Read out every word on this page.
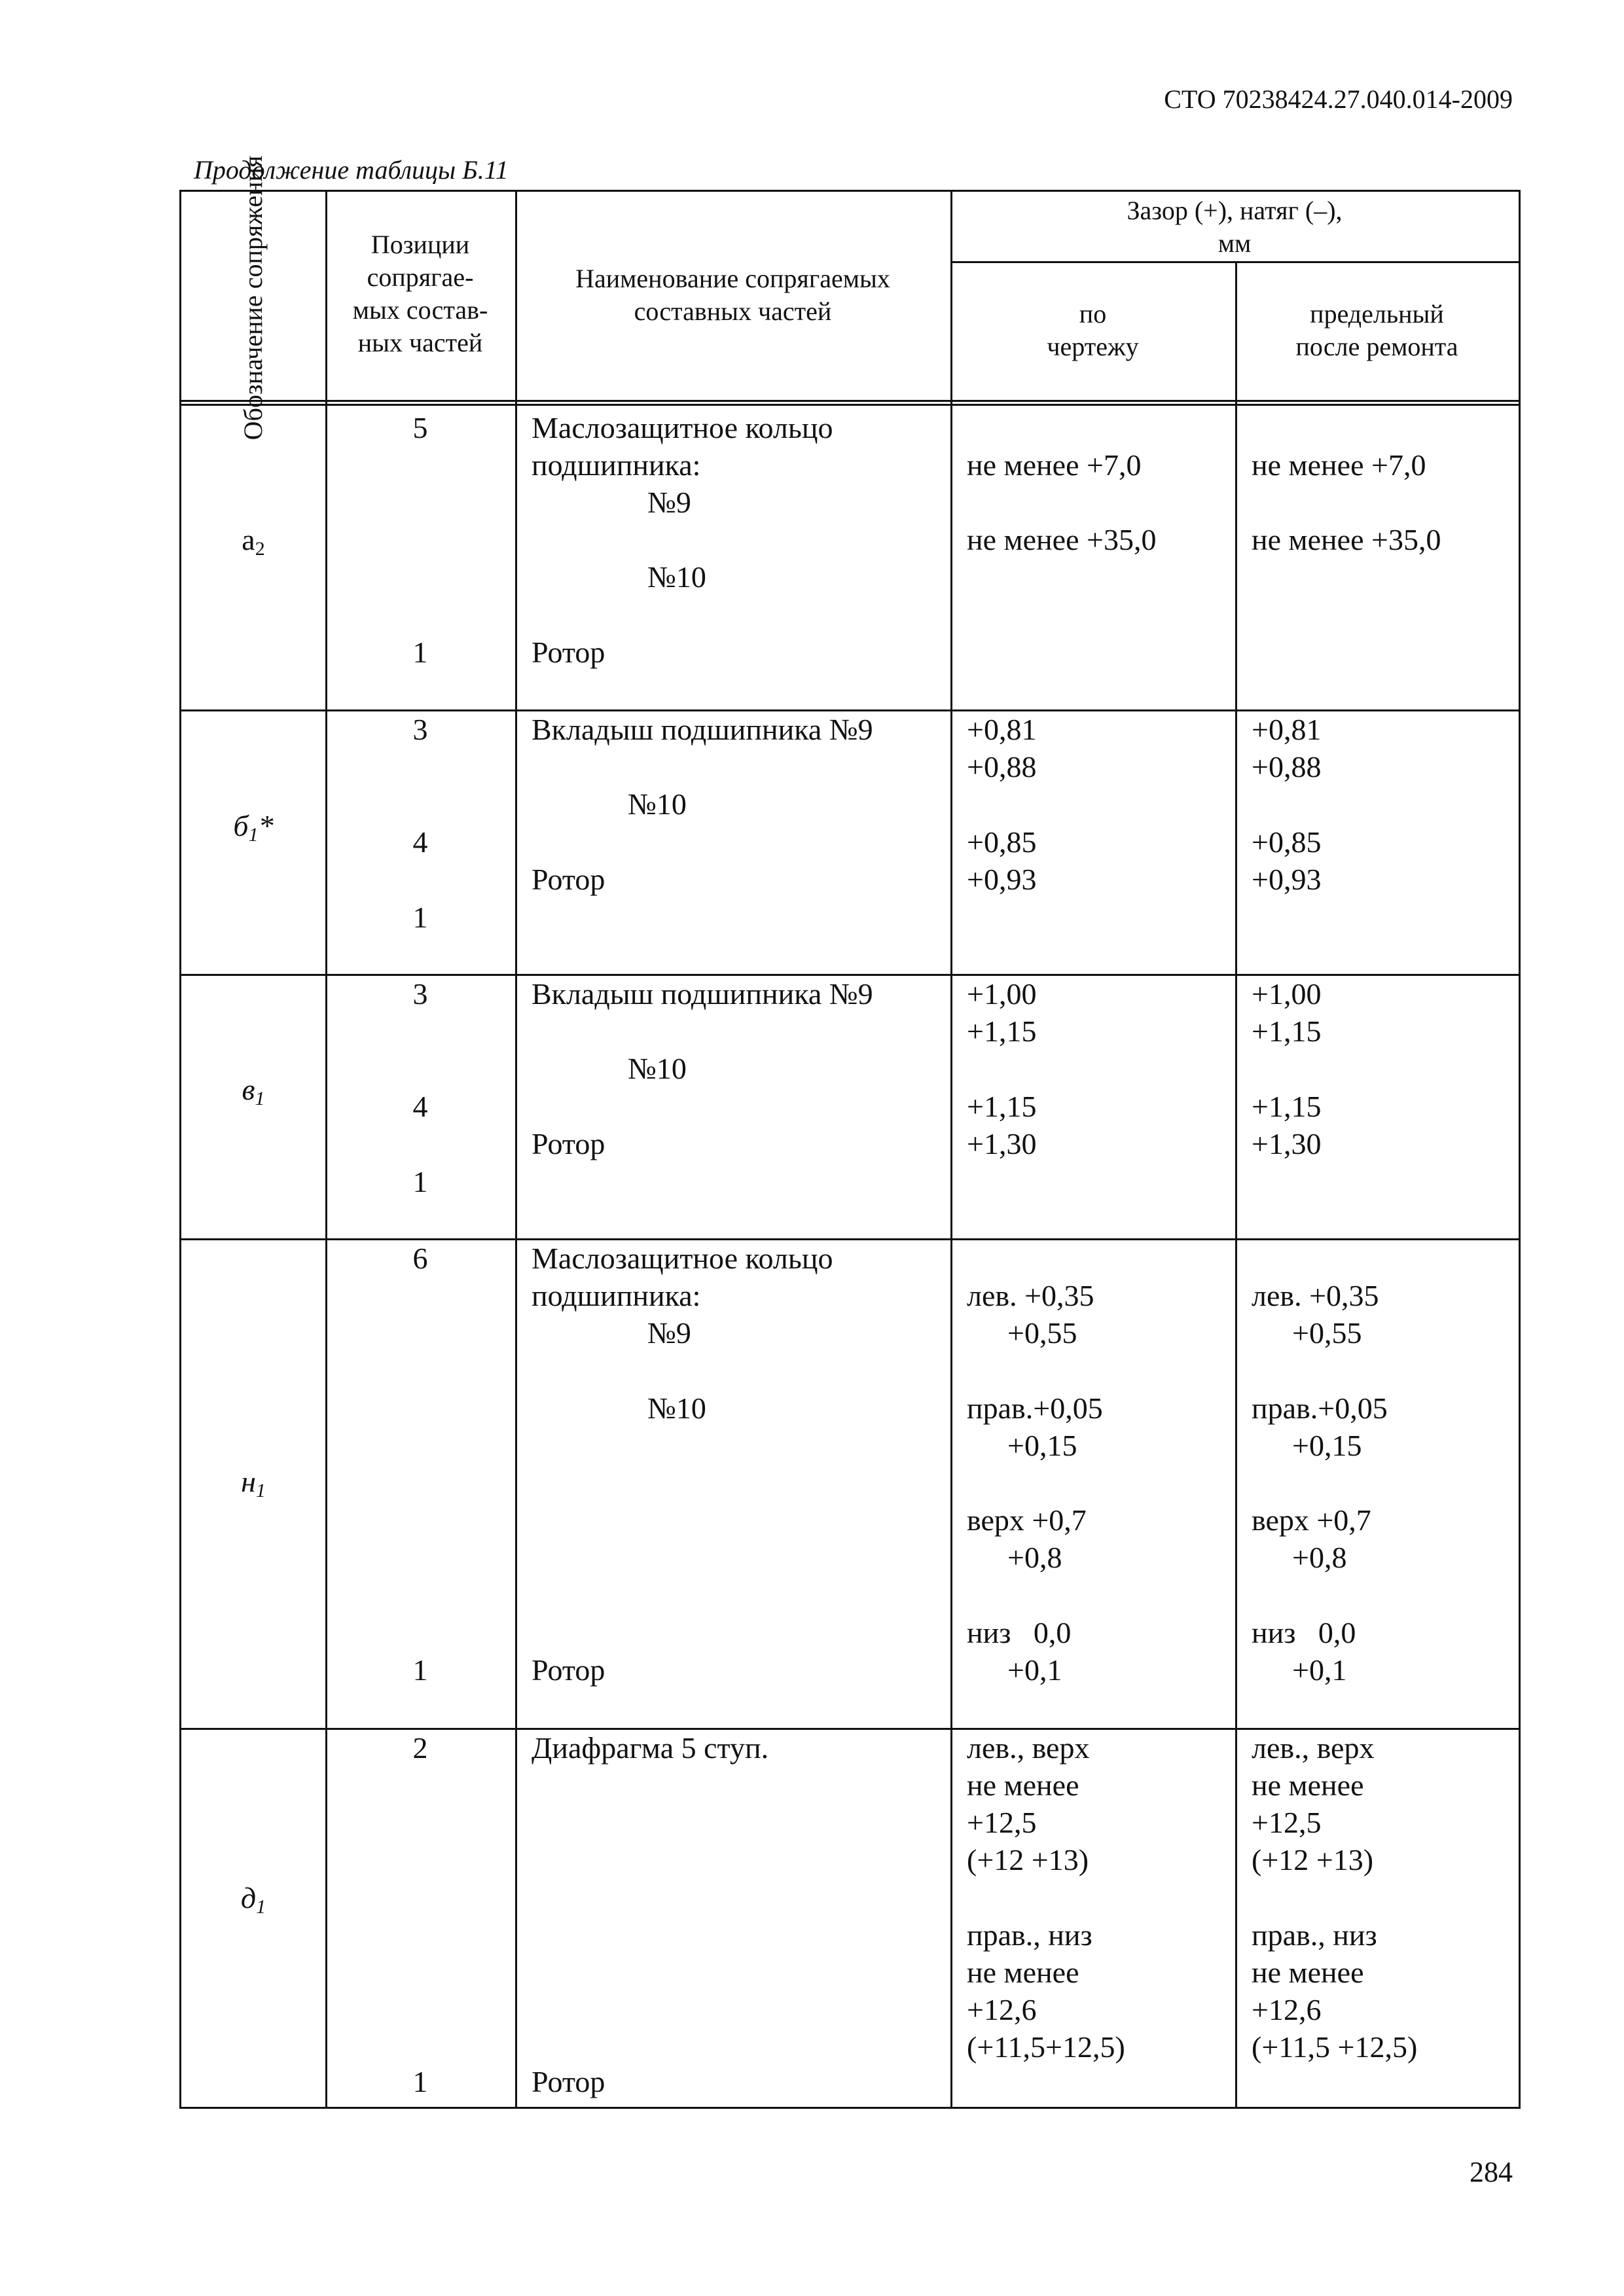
СТО 70238424.27.040.014-2009
Продолжение таблицы Б.11
Обозначение сопряжения	Позиции
сопрягае-
мых состав-
ных частей
Наименование сопрягаемых
составных частей
Зазор (+), натяг (–),
мм
по
чертежу
предельный
после ремонта
$а_2$
5
1
Маслозащитное кольцо
подшипника:
№9
№10
Ротор
не менее +7,0
не менее +35,0
не менее +7,0
не менее +35,0
$б_1*$
3
4
1
Вкладыш подшипника №9
№10
Ротор
+0,81
+0,88
+0,85
+0,93
+0,81
+0,88
+0,85
+0,93
$в_1$
3
4
1
Вкладыш подшипника №9
№10
Ротор
+1,00
+1,15
+1,15
+1,30
+1,00
+1,15
+1,15
+1,30
$н_1$
6
1
Маслозащитное кольцо
подшипника:
№9
№10
Ротор
лев. +0,35
+0,55
прав.+0,05
+0,15
верх +0,7
+0,8
низ   0,0
+0,1
лев. +0,35
+0,55
прав.+0,05
+0,15
верх +0,7
+0,8
низ   0,0
+0,1
$д_1$
2
1
Диафрагма 5 ступ.
Ротор
лев., верх
не менее
+12,5
(+12 +13)
прав., низ
не менее
+12,6
(+11,5+12,5)
лев., верх
не менее
+12,5
(+12 +13)
прав., низ
не менее
+12,6
(+11,5 +12,5)
284
